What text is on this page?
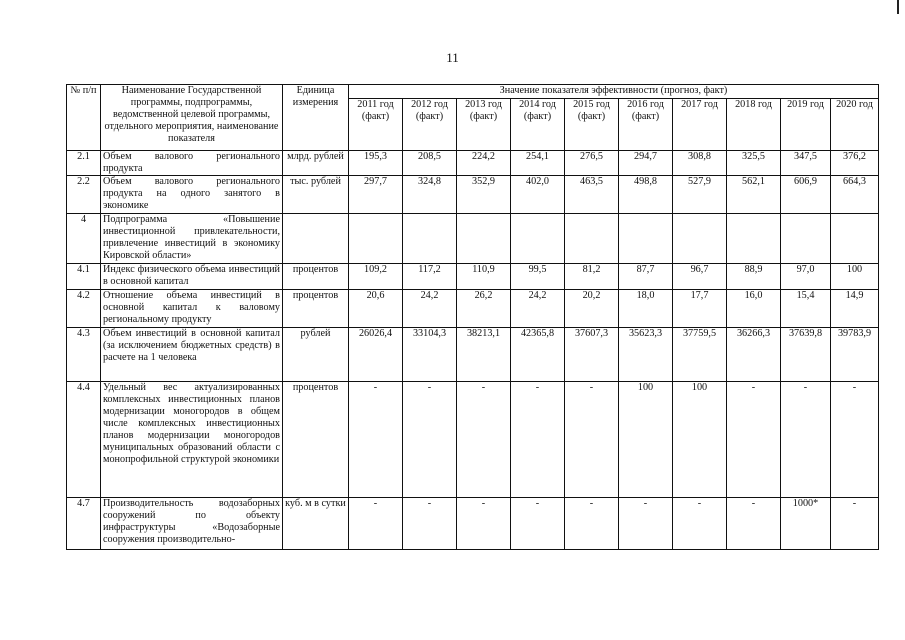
11
№ п/п	Наименование Государственной программы, подпрограммы, ведомственной целевой программы, отдельного мероприятия, наименование показателя	Единица измерения	Значение показателя эффективности (прогноз, факт)									
			2011 год (факт)	2012 год (факт)	2013 год (факт)	2014 год (факт)	2015 год (факт)	2016 год (факт)	2017 год	2018 год	2019 год	2020 год
2.1	Объем валового регионального продукта	млрд. рублей	195,3	208,5	224,2	254,1	276,5	294,7	308,8	325,5	347,5	376,2
2.2	Объем валового регионального продукта на одного занятого в экономике	тыс. рублей	297,7	324,8	352,9	402,0	463,5	498,8	527,9	562,1	606,9	664,3
4	Подпрограмма «Повышение инвестиционной привлекательности, привлечение инвестиций в экономику Кировской области»											
4.1	Индекс физического объема инвестиций в основной капитал	процентов	109,2	117,2	110,9	99,5	81,2	87,7	96,7	88,9	97,0	100
4.2	Отношение объема инвестиций в основной капитал к валовому региональному продукту	процентов	20,6	24,2	26,2	24,2	20,2	18,0	17,7	16,0	15,4	14,9
4.3	Объем инвестиций в основной капитал (за исключением бюджетных средств) в расчете на 1 человека	рублей	26026,4	33104,3	38213,1	42365,8	37607,3	35623,3	37759,5	36266,3	37639,8	39783,9
4.4	Удельный вес актуализированных комплексных инвестиционных планов модернизации моногородов в общем числе комплексных инвестиционных планов модернизации моногородов муниципальных образований области с монопрофильной структурой экономики	процентов	-	-	-	-	-	100	100	-	-	-
4.7	Производительность водозаборных сооружений по объекту инфраструктуры «Водозаборные сооружения производительно-	куб. м в сутки	-	-	-	-	-	-	-	-	1000*	-
